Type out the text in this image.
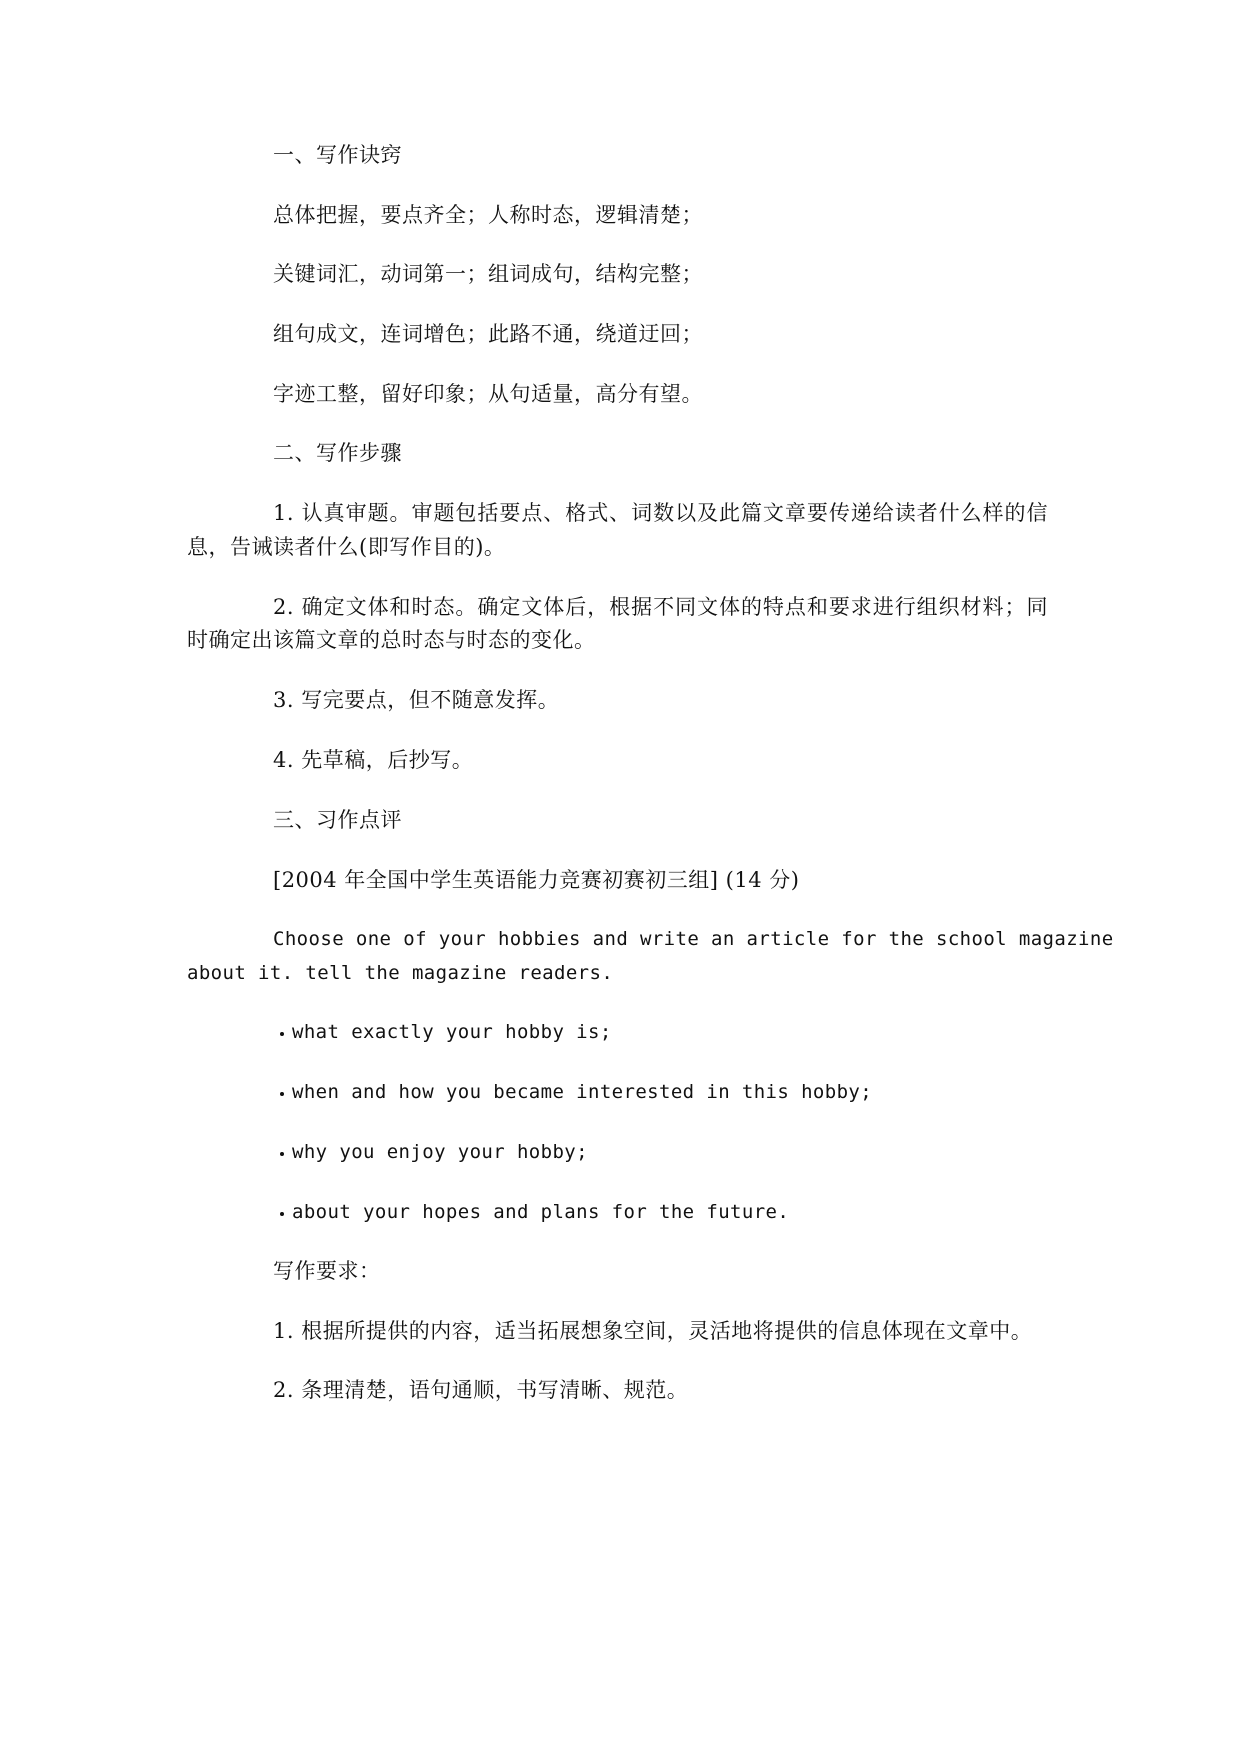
一、写作诀窍

总体把握，要点齐全；人称时态，逻辑清楚；

关键词汇，动词第一；组词成句，结构完整；

组句成文，连词增色；此路不通，绕道迂回；

字迹工整，留好印象；从句适量，高分有望。

二、写作步骤

1. 认真审题。审题包括要点、格式、词数以及此篇文章要传递给读者什么样的信

息，告诫读者什么(即写作目的)。

2. 确定文体和时态。确定文体后，根据不同文体的特点和要求进行组织材料；同

时确定出该篇文章的总时态与时态的变化。

3. 写完要点，但不随意发挥。

4. 先草稿，后抄写。

三、习作点评

[2004 年全国中学生英语能力竞赛初赛初三组] (14 分)

Choose one of your hobbies and write an article for the school magazine

about it. tell the magazine readers.

what exactly your hobby is;

when and how you became interested in this hobby;

why you enjoy your hobby;

about your hopes and plans for the future.

写作要求：

1. 根据所提供的内容，适当拓展想象空间，灵活地将提供的信息体现在文章中。

2. 条理清楚，语句通顺，书写清晰、规范。
